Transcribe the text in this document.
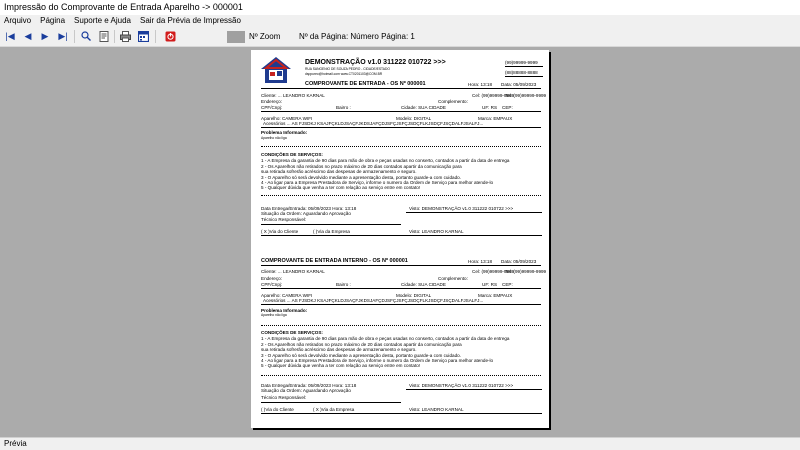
Impressão do Comprovante de Entrada Aparelho -> 000001
Arquivo Página Suporte e Ajuda Sair da Prévia de Impressão
|◀ ◀ ▶ ▶|	Nº Zoom Nº da Página: Número Página: 1
DEMONSTRAÇÃO v1.0 311222 010722 >>>
RUA SANGENIO DE SOUZA PEDRO - CIDADE/ESTADO
dsppureo@hotmail.com www.CT0201103@COM.BR
(99)99999-9999
(88)88888-8888
COMPROVANTE DE ENTRADA - OS Nº 000001	Hora: 13:18 Data: 05/09/2023
Cliente: ... LEANDRO KARNAL	Cel: (99)99999-9999
Tel: (99)99999-9999
Endereço:	Complemento:
CPF/Cnpj:	Bairro :	Cidade: SUA CIDADE	UF: RS CEP:
Aparelho: CAMERA WIFI	Modelo: DIGITAL	Marca: EMPAUX
Acessórios ... AS FJSDKJ KSAJFÇKLDJSAÇFJKDSJAFÇDJSFÇJSFÇJSDÇFLKJSDÇFJSÇDALFJSALFJ...
Problema Informado:
Aparelho não liga
CONDIÇÕES DE SERVIÇOS:
1 - A Empresa da garantia de 90 dias para mão de obra e peças usadas no conserto, contados a partir da data de entrega
2 - Os Aparelhos não retirados no prazo máximo de 20 dias contados apartir da comunicação para
sua retirada sofrerão acréscimo das despesas de armazenamento e seguro.
3 - O Aparelho só será devolvido mediante a apresentação desta, portanto guarde-a com cuidado.
4 - Ao ligar para a Empresa Prestadora de Serviço, informe o numero da Ordem de Serviço para melhor atende-lo
5 - Qualquer dúvida que venha a ter com relação ao serviço entre em contato!
Data Entrega/Entrada: 05/09/2023 Hora: 13:18	Visto: DEMONSTRAÇÃO v1.0 311222 010722 >>>
Situação da Ordem: Aguardando Aprovação
Técnico Responsável:
( X )Via do Cliente	( )Via da Empresa	Visto: LEANDRO KARNAL
COMPROVANTE DE ENTRADA INTERNO - OS Nº 000001	Hora: 13:18 Data: 05/09/2023
Cliente: ... LEANDRO KARNAL	Cel: (99)99999-9999
Tel: (99)99999-9999
Endereço:	Complemento:
CPF/Cnpj:	Bairro :	Cidade: SUA CIDADE	UF: RS CEP:
Aparelho: CAMERA WIFI	Modelo: DIGITAL	Marca: EMPAUX
Acessórios ... AS FJSDKJ KSAJFÇKLDJSAÇFJKDSJAFÇDJSFÇJSFÇJSDÇFLKJSDÇFJSÇDALFJSALFJ...
Problema Informado:
Aparelho não liga
CONDIÇÕES DE SERVIÇOS:
1 - A Empresa da garantia de 90 dias para mão de obra e peças usadas no conserto, contados a partir da data de entrega
2 - Os Aparelhos não retirados no prazo máximo de 20 dias contados apartir da comunicação para
sua retirada sofrerão acréscimo das despesas de armazenamento e seguro.
3 - O Aparelho só será devolvido mediante a apresentação desta, portanto guarde-a com cuidado.
4 - Ao ligar para a Empresa Prestadora de Serviço, informe o numero da Ordem de Serviço para melhor atende-lo
5 - Qualquer dúvida que venha a ter com relação ao serviço entre em contato!
Data Entrega/Entrada: 05/09/2023 Hora: 13:18	Visto: DEMONSTRAÇÃO v1.0 311222 010722 >>>
Situação da Ordem: Aguardando Aprovação
Técnico Responsável:
( )Via do Cliente	( X )Via da Empresa	Visto: LEANDRO KARNAL
Prévia
